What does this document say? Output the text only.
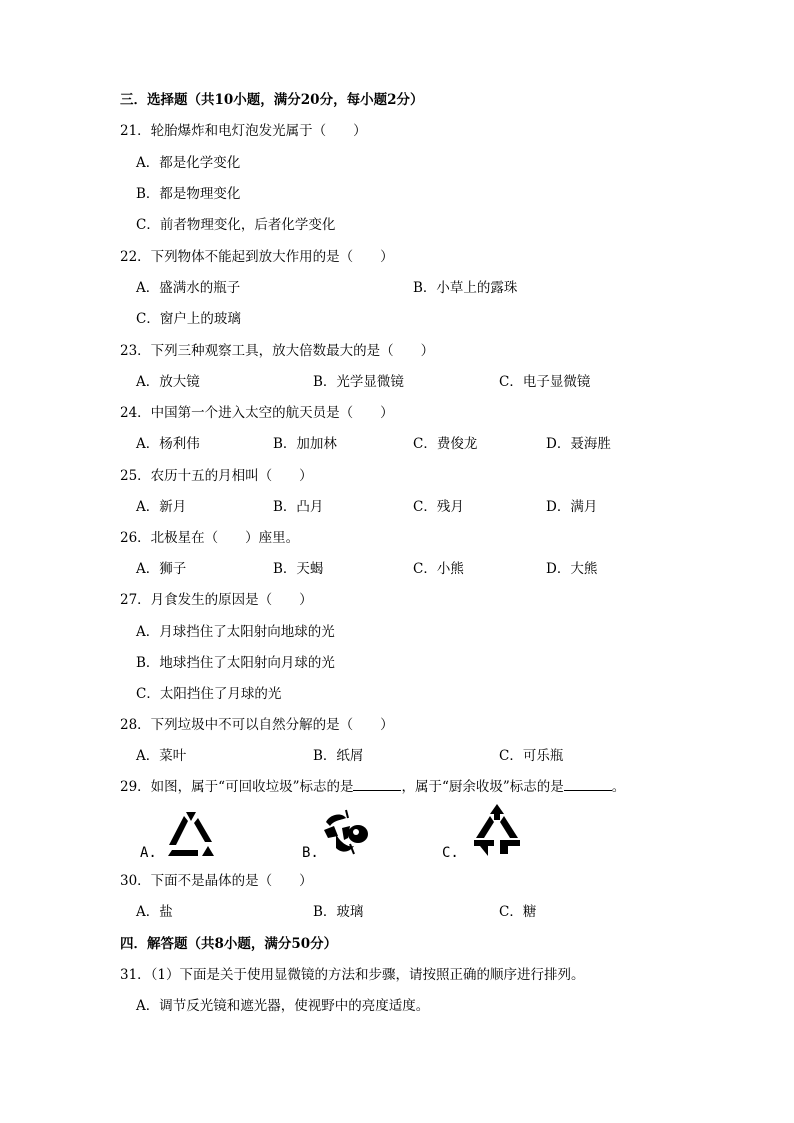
三．选择题（共10小题，满分20分，每小题2分）
21．轮胎爆炸和电灯泡发光属于（　　）
A．都是化学变化
B．都是物理变化
C．前者物理变化，后者化学变化
22．下列物体不能起到放大作用的是（　　）
A．盛满水的瓶子	B．小草上的露珠
C．窗户上的玻璃
23．下列三种观察工具，放大倍数最大的是（　　）
A．放大镜	B．光学显微镜	C．电子显微镜
24．中国第一个进入太空的航天员是（　　）
A．杨利伟	B．加加林	C．费俊龙	D．聂海胜
25．农历十五的月相叫（　　）
A．新月	B．凸月	C．残月	D．满月
26．北极星在（　　）座里。
A．狮子	B．天蝎	C．小熊	D．大熊
27．月食发生的原因是（　　）
A．月球挡住了太阳射向地球的光
B．地球挡住了太阳射向月球的光
C．太阳挡住了月球的光
28．下列垃圾中不可以自然分解的是（　　）
A．菜叶	B．纸屑	C．可乐瓶
29．如图，属于“可回收垃圾”标志的是	，属于“厨余收圾”标志的是	。
A.	B.	C.
30．下面不是晶体的是（　　）
A．盐	B．玻璃	C．糖
四．解答题（共8小题，满分50分）
31．（1）下面是关于使用显微镜的方法和步骤，请按照正确的顺序进行排列。
A．调节反光镜和遮光器，使视野中的亮度适度。
